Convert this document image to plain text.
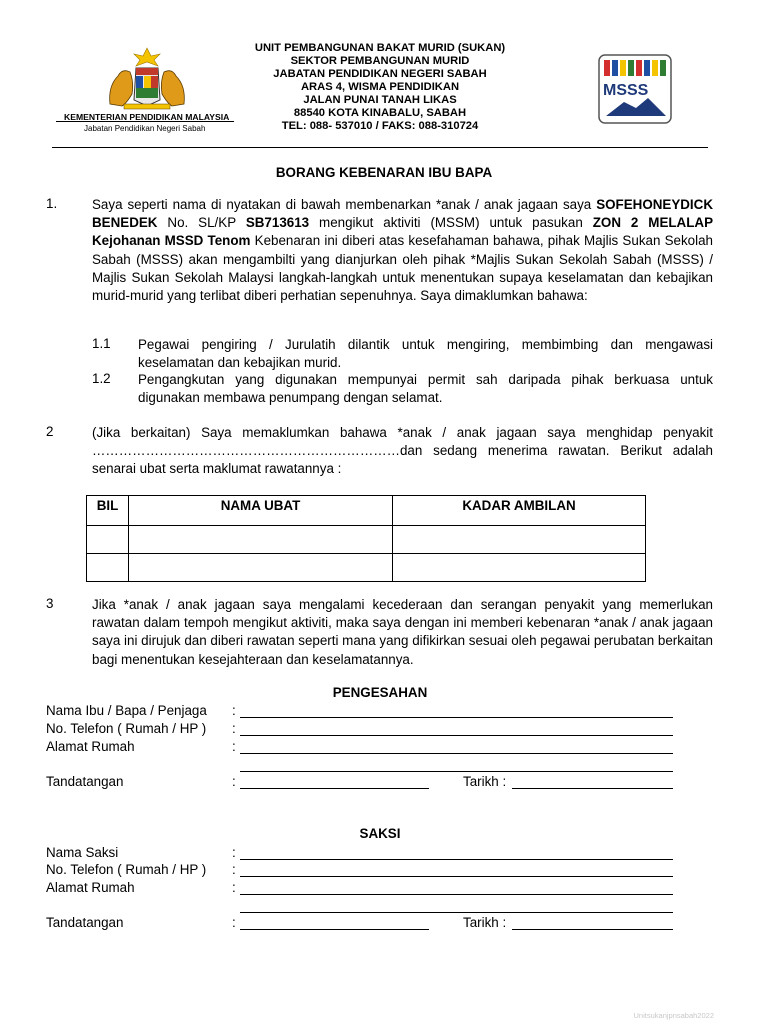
KEMENTERIAN PENDIDIKAN MALAYSIA
Jabatan Pendidikan Negeri Sabah
UNIT PEMBANGUNAN BAKAT MURID (SUKAN)
SEKTOR PEMBANGUNAN MURID
JABATAN PENDIDIKAN NEGERI SABAH
ARAS 4, WISMA PENDIDIKAN
JALAN PUNAI TANAH LIKAS
88540 KOTA KINABALU, SABAH
TEL: 088- 537010 / FAKS: 088-310724
MSSS
BORANG KEBENARAN IBU BAPA
1.	Saya seperti nama di nyatakan di bawah membenarkan *anak / anak jagaan saya SOFEHONEYDICK BENEDEK No. SL/KP SB713613 mengikut aktiviti (MSSM) untuk pasukan ZON 2 MELALAP Kejohanan MSSD Tenom Kebenaran ini diberi atas kesefahaman bahawa, pihak Majlis Sukan Sekolah Sabah (MSSS) akan mengambilti yang dianjurkan oleh pihak *Majlis Sukan Sekolah Sabah (MSSS) / Majlis Sukan Sekolah Malaysi langkah-langkah untuk menentukan supaya keselamatan dan kebajikan murid-murid yang terlibat diberi perhatian sepenuhnya. Saya dimaklumkan bahawa:
1.1 Pegawai pengiring / Jurulatih dilantik untuk mengiring, membimbing dan mengawasi keselamatan dan kebajikan murid.
1.2 Pengangkutan yang digunakan mempunyai permit sah daripada pihak berkuasa untuk digunakan membawa penumpang dengan selamat.
2	(Jika berkaitan) Saya memaklumkan bahawa *anak / anak jagaan saya menghidap penyakit
……………………………………………………………dan sedang menerima rawatan. Berikut adalah
senarai ubat serta maklumat rawatannya :
BIL	NAMA UBAT	KADAR AMBILAN

3	Jika *anak / anak jagaan saya mengalami kecederaan dan serangan penyakit yang memerlukan rawatan dalam tempoh mengikut aktiviti, maka saya dengan ini memberi kebenaran *anak / anak jagaan saya ini dirujuk dan diberi rawatan seperti mana yang difikirkan sesuai oleh pegawai perubatan berkaitan bagi menentukan kesejahteraan dan keselamatannya.
PENGESAHAN
Nama Ibu / Bapa / Penjaga :
No. Telefon ( Rumah / HP ) :
Alamat Rumah	:
Tandatangan	:	Tarikh :
SAKSI
Nama Saksi	:
No. Telefon ( Rumah / HP ) :
Alamat Rumah	:
Tandatangan	:	Tarikh :
Unitsukanjpnsabah2022
